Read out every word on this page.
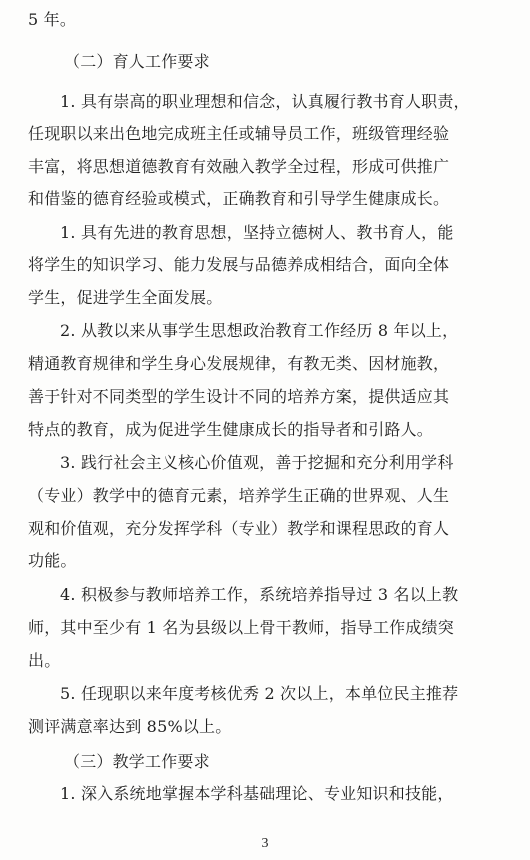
5 年。
（二）育人工作要求
1. 具有崇高的职业理想和信念，认真履行教书育人职责，
任现职以来出色地完成班主任或辅导员工作，班级管理经验
丰富，将思想道德教育有效融入教学全过程，形成可供推广
和借鉴的德育经验或模式，正确教育和引导学生健康成长。
1. 具有先进的教育思想，坚持立德树人、教书育人，能
将学生的知识学习、能力发展与品德养成相结合，面向全体
学生，促进学生全面发展。
2. 从教以来从事学生思想政治教育工作经历 8 年以上，
精通教育规律和学生身心发展规律，有教无类、因材施教，
善于针对不同类型的学生设计不同的培养方案，提供适应其
特点的教育，成为促进学生健康成长的指导者和引路人。
3. 践行社会主义核心价值观，善于挖掘和充分利用学科
（专业）教学中的德育元素，培养学生正确的世界观、人生
观和价值观，充分发挥学科（专业）教学和课程思政的育人
功能。
4. 积极参与教师培养工作，系统培养指导过 3 名以上教
师，其中至少有 1 名为县级以上骨干教师，指导工作成绩突
出。
5. 任现职以来年度考核优秀 2 次以上，本单位民主推荐
测评满意率达到 85%以上。
（三）教学工作要求
1. 深入系统地掌握本学科基础理论、专业知识和技能，
3
